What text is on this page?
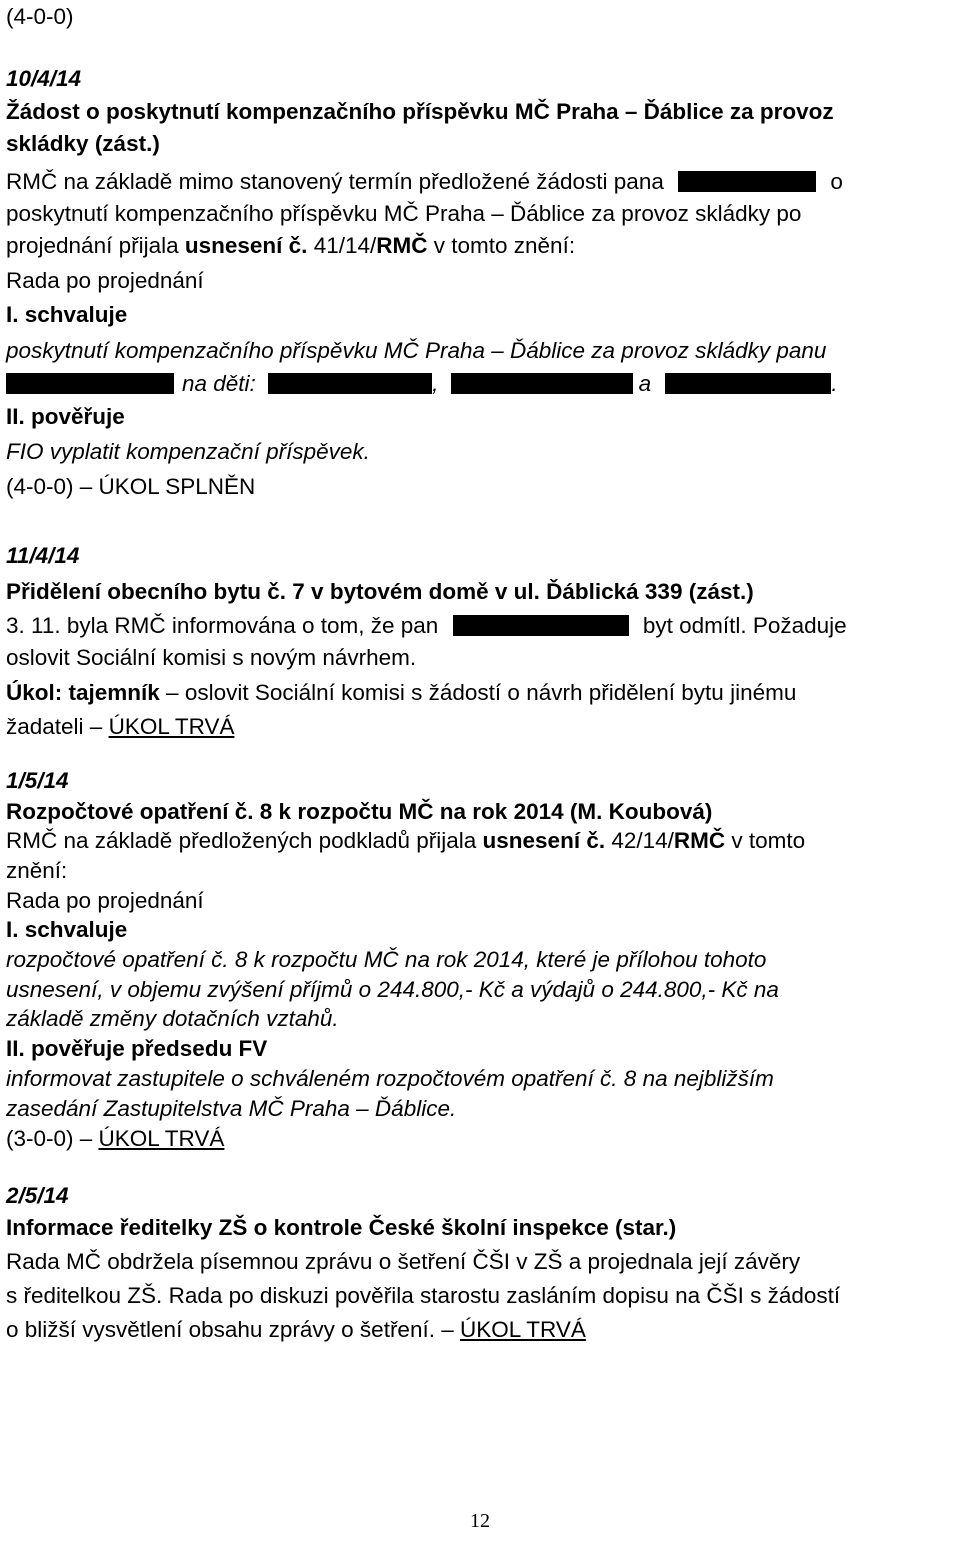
(4-0-0)
10/4/14
Žádost o poskytnutí kompenzačního příspěvku MČ Praha – Ďáblice za provoz
skládky (zást.)
RMČ na základě mimo stanovený termín předložené žádosti pana	o
poskytnutí kompenzačního příspěvku MČ Praha – Ďáblice za provoz skládky po
projednání přijala usnesení č. 41/14/RMČ v tomto znění:
Rada po projednání
I. schvaluje
poskytnutí kompenzačního příspěvku MČ Praha – Ďáblice za provoz skládky panu
na děti:	,	a	.
II. pověřuje
FIO vyplatit kompenzační příspěvek.
(4-0-0) – ÚKOL SPLNĚN
11/4/14
Přidělení obecního bytu č. 7 v bytovém domě v ul. Ďáblická 339 (zást.)
3. 11. byla RMČ informována o tom, že pan	byt odmítl. Požaduje
oslovit Sociální komisi s novým návrhem.
Úkol: tajemník – oslovit Sociální komisi s žádostí o návrh přidělení bytu jinému
žadateli – ÚKOL TRVÁ
1/5/14
Rozpočtové opatření č. 8 k rozpočtu MČ na rok 2014 (M. Koubová)
RMČ na základě předložených podkladů přijala usnesení č. 42/14/RMČ v tomto
znění:
Rada po projednání
I. schvaluje
rozpočtové opatření č. 8 k rozpočtu MČ na rok 2014, které je přílohou tohoto
usnesení, v objemu zvýšení příjmů o 244.800,- Kč a výdajů o 244.800,- Kč na
základě změny dotačních vztahů.
II. pověřuje předsedu FV
informovat zastupitele o schváleném rozpočtovém opatření č. 8 na nejbližším
zasedání Zastupitelstva MČ Praha – Ďáblice.
(3-0-0) – ÚKOL TRVÁ
2/5/14
Informace ředitelky ZŠ o kontrole České školní inspekce (star.)
Rada MČ obdržela písemnou zprávu o šetření ČŠI v ZŠ a projednala její závěry
s ředitelkou ZŠ. Rada po diskuzi pověřila starostu zasláním dopisu na ČŠI s žádostí
o bližší vysvětlení obsahu zprávy o šetření. – ÚKOL TRVÁ
12
